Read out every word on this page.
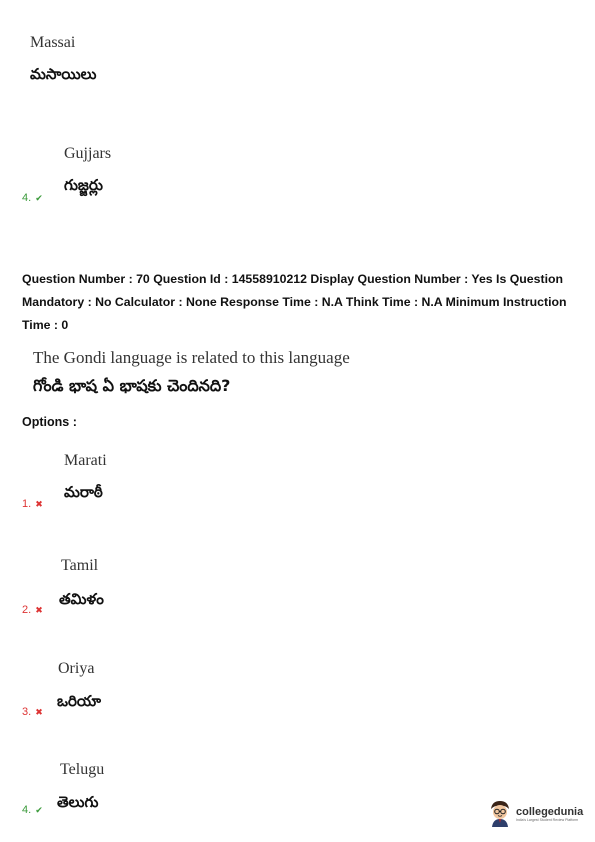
Massai
మసాయిలు
Gujjars
గుజ్జర్లు
4. ✔
Question Number : 70 Question Id : 14558910212 Display Question Number : Yes Is Question Mandatory : No Calculator : None Response Time : N.A Think Time : N.A Minimum Instruction Time : 0
The Gondi language is related to this language
గోండి భాష ఏ భాషకు చెందినది?
Options :
Marati
మరాఠీ
1. ✖
Tamil
తమిళం
2. ✖
Oriya
ఒరియా
3. ✖
Telugu
తెలుగు
4. ✔	collegedunia
India's Largest Student Review Platform
